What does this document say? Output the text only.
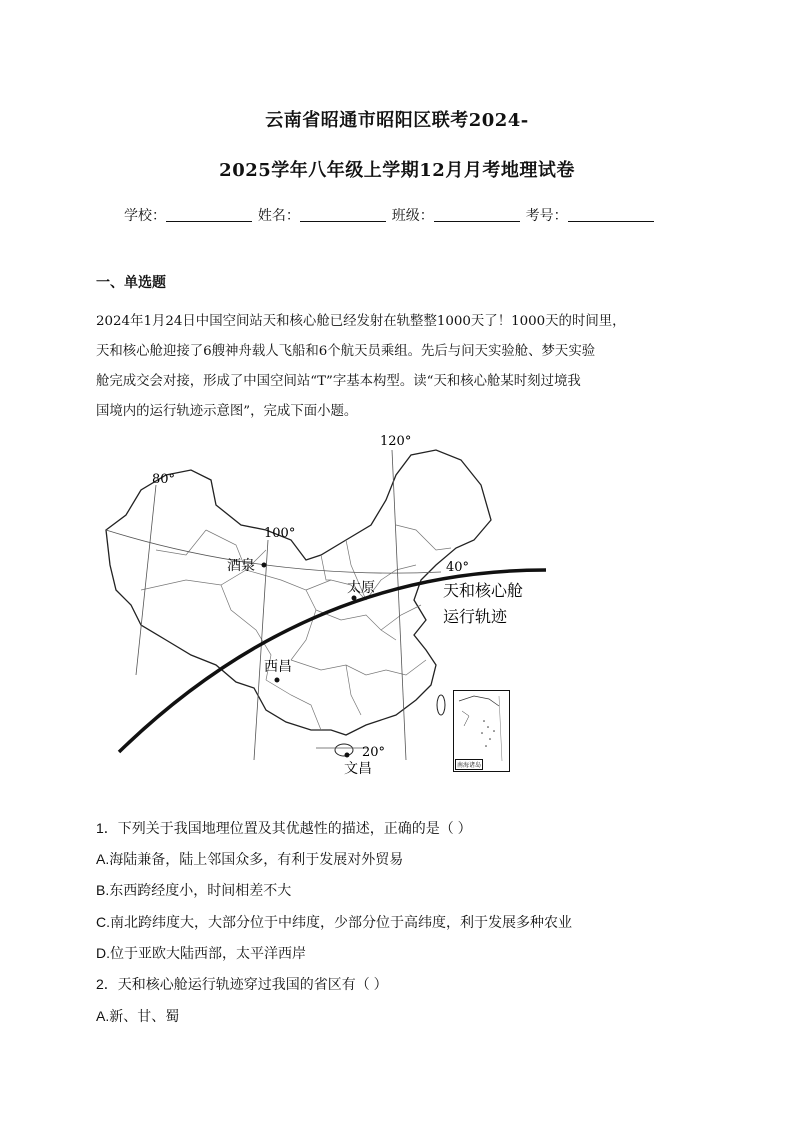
云南省昭通市昭阳区联考2024-
2025学年八年级上学期12月月考地理试卷
学校：	姓名：	班级：	考号：
一、单选题
2024年1月24日中国空间站天和核心舱已经发射在轨整整1000天了！1000天的时间里，
天和核心舱迎接了6艘神舟载人飞船和6个航天员乘组。先后与问天实验舱、梦天实验
舱完成交会对接，形成了中国空间站“T”字基本构型。读“天和核心舱某时刻过境我
国境内的运行轨迹示意图”，完成下面小题。
80°
100°
120°
40°
20°
酒泉
太原
西昌
文昌
天和核心舱
运行轨迹
南海诸岛
1．下列关于我国地理位置及其优越性的描述，正确的是（ ）
A.海陆兼备，陆上邻国众多，有利于发展对外贸易
B.东西跨经度小，时间相差不大
C.南北跨纬度大，大部分位于中纬度，少部分位于高纬度，利于发展多种农业
D.位于亚欧大陆西部，太平洋西岸
2．天和核心舱运行轨迹穿过我国的省区有（ ）
A.新、甘、蜀
